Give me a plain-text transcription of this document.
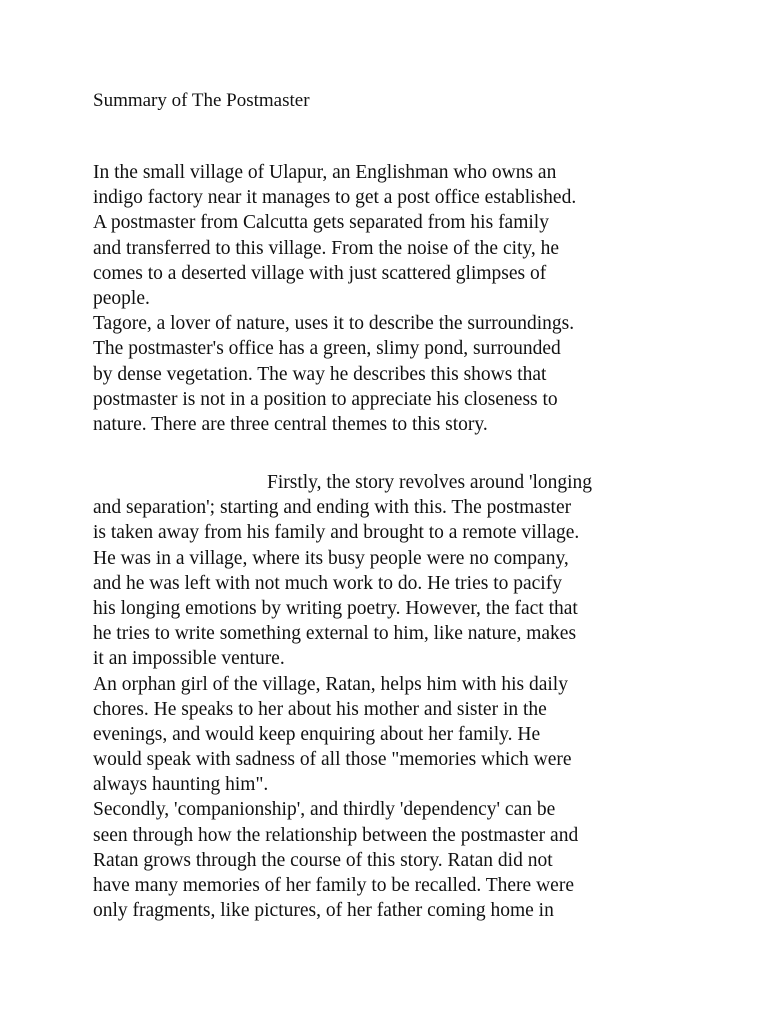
Summary of The Postmaster
In the small village of Ulapur, an Englishman who owns an
indigo factory near it manages to get a post office established.
A postmaster from Calcutta gets separated from his family
and transferred to this village. From the noise of the city, he
comes to a deserted village with just scattered glimpses of
people.
Tagore, a lover of nature, uses it to describe the surroundings.
The postmaster's office has a green, slimy pond, surrounded
by dense vegetation. The way he describes this shows that
postmaster is not in a position to appreciate his closeness to
nature. There are three central themes to this story.
Firstly, the story revolves around 'longing
and separation'; starting and ending with this. The postmaster
is taken away from his family and brought to a remote village.
He was in a village, where its busy people were no company,
and he was left with not much work to do. He tries to pacify
his longing emotions by writing poetry. However, the fact that
he tries to write something external to him, like nature, makes
it an impossible venture.
An orphan girl of the village, Ratan, helps him with his daily
chores. He speaks to her about his mother and sister in the
evenings, and would keep enquiring about her family. He
would speak with sadness of all those "memories which were
always haunting him".
Secondly, 'companionship', and thirdly 'dependency' can be
seen through how the relationship between the postmaster and
Ratan grows through the course of this story. Ratan did not
have many memories of her family to be recalled. There were
only fragments, like pictures, of her father coming home in
